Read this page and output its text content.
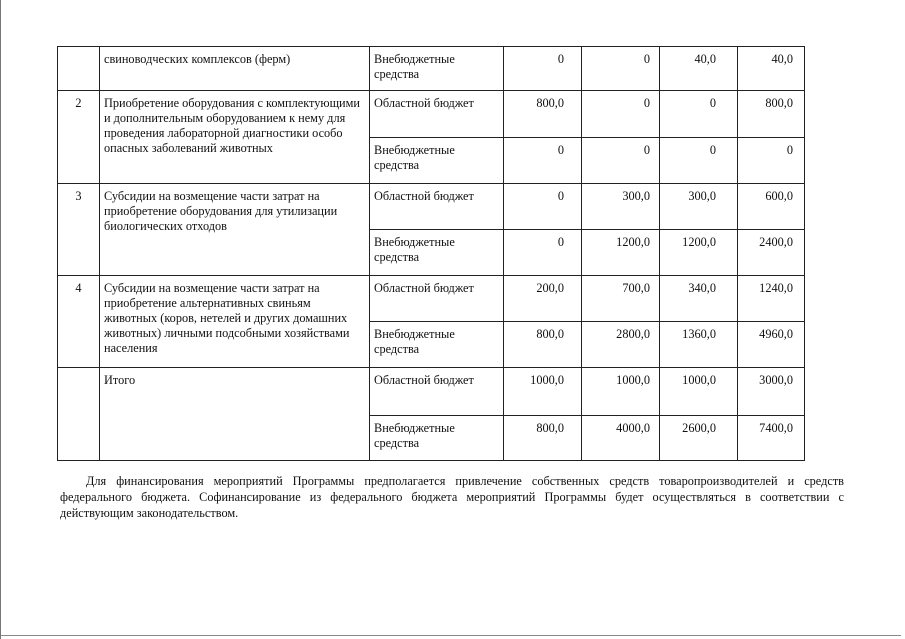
	свиноводческих комплексов (ферм)	Внебюджетные средства	0	0	40,0	40,0
2	Приобретение оборудования с комплектующими и дополнительным оборудованием к нему для проведения лабораторной диагностики особо опасных заболеваний животных	Областной бюджет	800,0	0	0	800,0
		Внебюджетные средства	0	0	0	0
3	Субсидии на возмещение части затрат на приобретение оборудования для утилизации биологических отходов	Областной бюджет	0	300,0	300,0	600,0
		Внебюджетные средства	0	1200,0	1200,0	2400,0
4	Субсидии на возмещение части затрат на приобретение альтернативных свиньям животных (коров, нетелей и других домашних животных) личными подсобными хозяйствами населения	Областной бюджет	200,0	700,0	340,0	1240,0
		Внебюджетные средства	800,0	2800,0	1360,0	4960,0
	Итого	Областной бюджет	1000,0	1000,0	1000,0	3000,0
		Внебюджетные средства	800,0	4000,0	2600,0	7400,0

Для финансирования мероприятий Программы предполагается привлечение собственных средств товаропроизводителей и средств федерального бюджета. Софинансирование из федерального бюджета мероприятий Программы будет осуществляться в соответствии с действующим законодательством.
